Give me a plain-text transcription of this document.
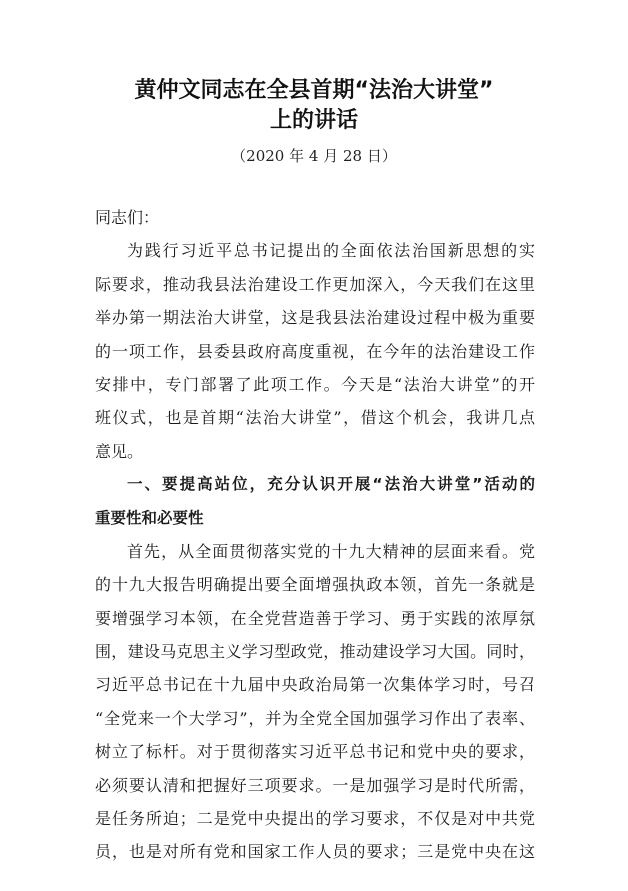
黄仲文同志在全县首期“法治大讲堂”
上的讲话
（2020 年 4 月 28 日）
同志们：
为践行习近平总书记提出的全面依法治国新思想的实
际要求，推动我县法治建设工作更加深入，今天我们在这里
举办第一期法治大讲堂，这是我县法治建设过程中极为重要
的一项工作，县委县政府高度重视，在今年的法治建设工作
安排中，专门部署了此项工作。今天是“法治大讲堂”的开
班仪式，也是首期“法治大讲堂”，借这个机会，我讲几点
意见。
一、要提高站位，充分认识开展“法治大讲堂”活动的
重要性和必要性
首先，从全面贯彻落实党的十九大精神的层面来看。党
的十九大报告明确提出要全面增强执政本领，首先一条就是
要增强学习本领，在全党营造善于学习、勇于实践的浓厚氛
围，建设马克思主义学习型政党，推动建设学习大国。同时，
习近平总书记在十九届中央政治局第一次集体学习时，号召
“全党来一个大学习”，并为全党全国加强学习作出了表率、
树立了标杆。对于贯彻落实习近平总书记和党中央的要求，
必须要认清和把握好三项要求。一是加强学习是时代所需，
是任务所迫；二是党中央提出的学习要求，不仅是对中共党
员，也是对所有党和国家工作人员的要求；三是党中央在这
